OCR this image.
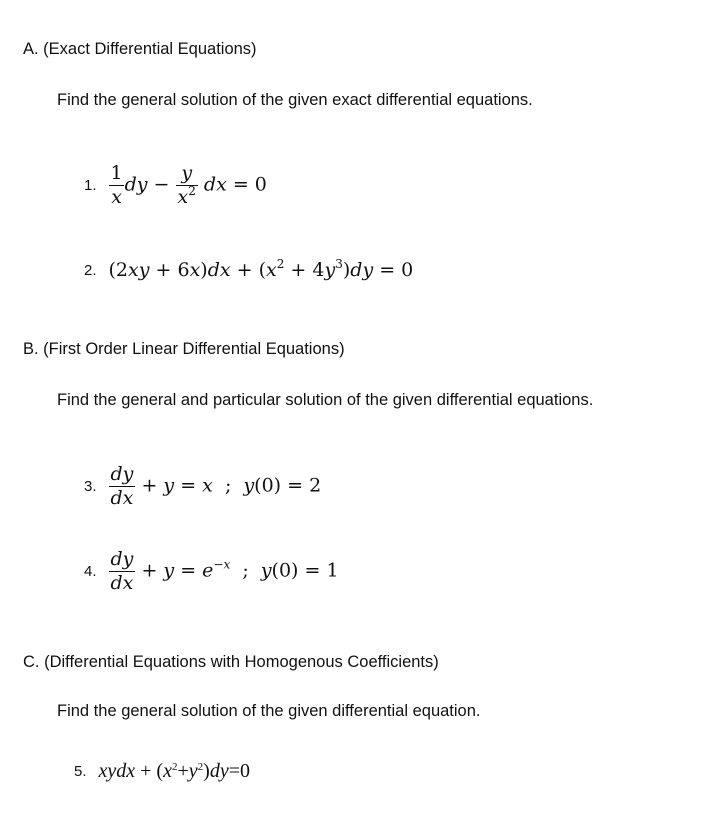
A. (Exact Differential Equations)
Find the general solution of the given exact differential equations.
1. $\frac{1}{x}$ dy − $\frac{y}{x^2}$ dx = 0
2. $(2xy + 6x)dx + (x^2 + 4y^3)dy = 0$
B. (First Order Linear Differential Equations)
Find the general and particular solution of the given differential equations.
3. $\frac{dy}{dx} + y = x$  ;  y(0) = 2
4. $\frac{dy}{dx} + y = e^{-x}$  ;  y(0) = 1
C. (Differential Equations with Homogenous Coefficients)
Find the general solution of the given differential equation.
5. xydx + $(x^2+y^2)dy=0$
